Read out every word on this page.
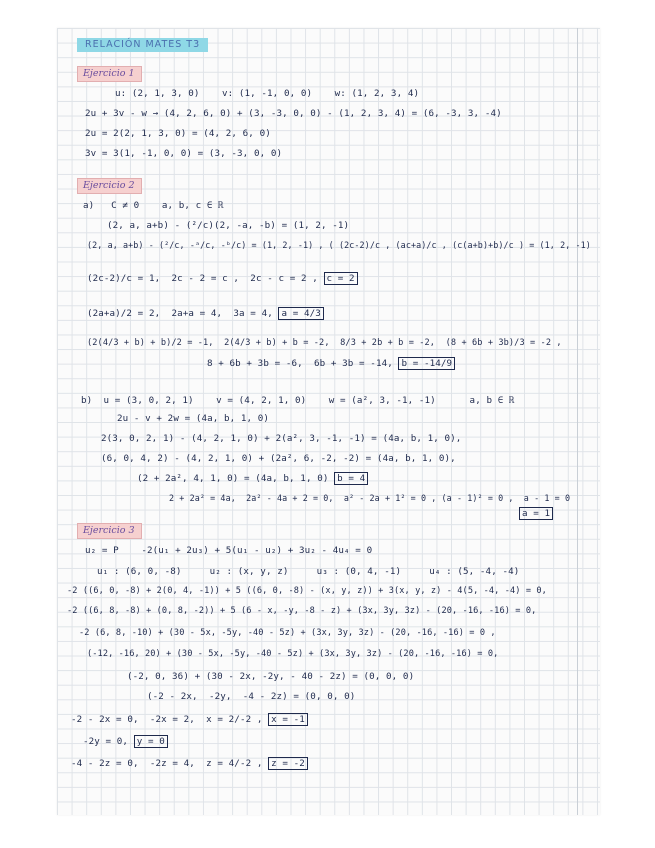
RELACIÓN MATES T3
Ejercicio 1
u: (2, 1, 3, 0)    v: (1, -1, 0, 0)    w: (1, 2, 3, 4)
2u + 3v - w → (4, 2, 6, 0) + (3, -3, 0, 0) - (1, 2, 3, 4) = (6, -3, 3, -4)
2u = 2(2, 1, 3, 0) = (4, 2, 6, 0)
3v = 3(1, -1, 0, 0) = (3, -3, 0, 0)
Ejercicio 2
a)   C ≠ 0    a, b, c ∈ ℝ
(2, a, a+b) - (²/c)(2, -a, -b) = (1, 2, -1)
(2, a, a+b) - (²/c, -ᵃ/c, -ᵇ/c) = (1, 2, -1) , ( (2c-2)/c , (ac+a)/c , (c(a+b)+b)/c ) = (1, 2, -1)
(2c-2)/c = 1,  2c - 2 = c ,  2c - c = 2 , c = 2
(2a+a)/2 = 2,  2a+a = 4,  3a = 4, a = 4/3
(2(4/3 + b) + b)/2 = -1,  2(4/3 + b) + b = -2,  8/3 + 2b + b = -2,  (8 + 6b + 3b)/3 = -2 ,
8 + 6b + 3b = -6,  6b + 3b = -14, b = -14/9
b)  u = (3, 0, 2, 1)    v = (4, 2, 1, 0)    w = (a², 3, -1, -1)      a, b ∈ ℝ
2u - v + 2w = (4a, b, 1, 0)
2(3, 0, 2, 1) - (4, 2, 1, 0) + 2(a², 3, -1, -1) = (4a, b, 1, 0),
(6, 0, 4, 2) - (4, 2, 1, 0) + (2a², 6, -2, -2) = (4a, b, 1, 0),
(2 + 2a², 4, 1, 0) = (4a, b, 1, 0) b = 4
2 + 2a² = 4a,  2a² - 4a + 2 = 0,  a² - 2a + 1² = 0 , (a - 1)² = 0 ,  a - 1 = 0
a = 1
Ejercicio 3
u₂ = P    -2(u₁ + 2u₃) + 5(u₁ - u₂) + 3u₂ - 4u₄ = 0
u₁ : (6, 0, -8)     u₂ : (x, y, z)     u₃ : (0, 4, -1)     u₄ : (5, -4, -4)
-2 ((6, 0, -8) + 2(0, 4, -1)) + 5 ((6, 0, -8) - (x, y, z)) + 3(x, y, z) - 4(5, -4, -4) = 0,
-2 ((6, 8, -8) + (0, 8, -2)) + 5 (6 - x, -y, -8 - z) + (3x, 3y, 3z) - (20, -16, -16) = 0,
-2 (6, 8, -10) + (30 - 5x, -5y, -40 - 5z) + (3x, 3y, 3z) - (20, -16, -16) = 0 ,
(-12, -16, 20) + (30 - 5x, -5y, -40 - 5z) + (3x, 3y, 3z) - (20, -16, -16) = 0,
(-2, 0, 36) + (30 - 2x, -2y, - 40 - 2z) = (0, 0, 0)
(-2 - 2x,  -2y,  -4 - 2z) = (0, 0, 0)
-2 - 2x = 0,  -2x = 2,  x = 2/-2 , x = -1
-2y = 0, y = 0
-4 - 2z = 0,  -2z = 4,  z = 4/-2 , z = -2
